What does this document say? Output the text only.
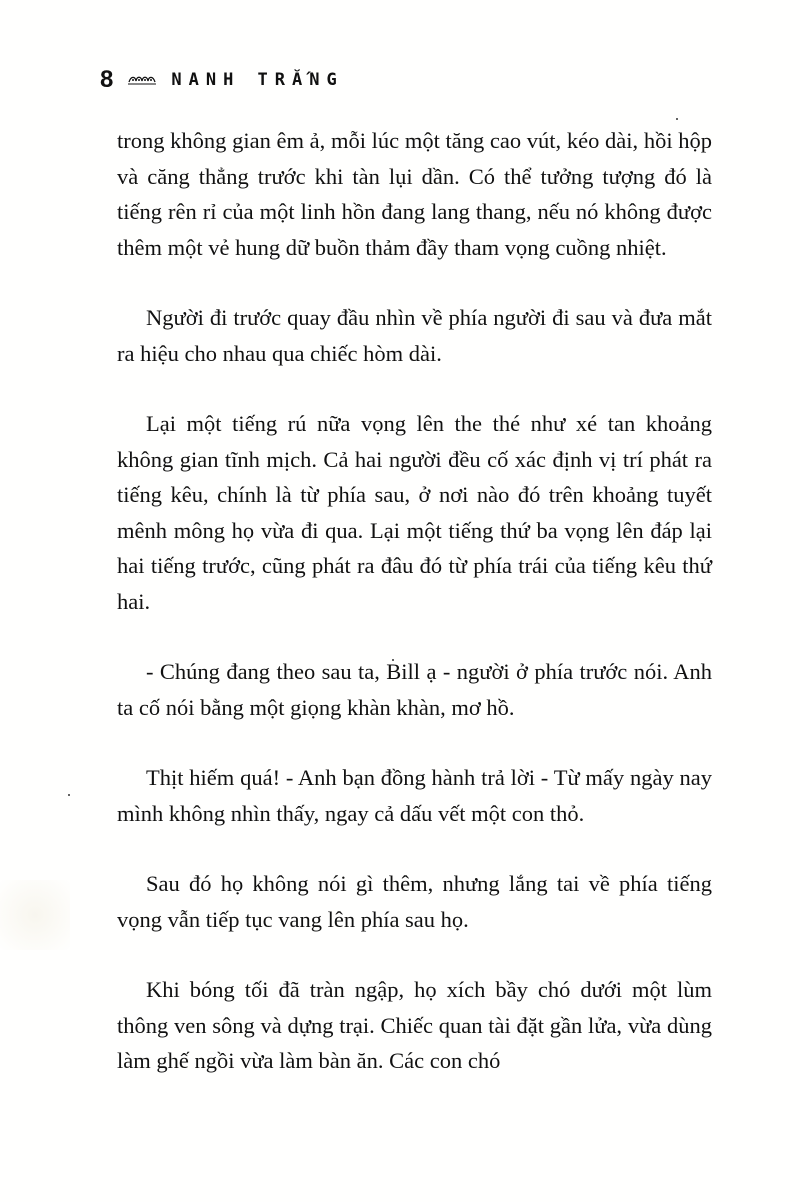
8	NANH TRẮNG

trong không gian êm ả, mỗi lúc một tăng cao vút, kéo dài, hồi hộp và căng thẳng trước khi tàn lụi dần. Có thể tưởng tượng đó là tiếng rên rỉ của một linh hồn đang lang thang, nếu nó không được thêm một vẻ hung dữ buồn thảm đầy tham vọng cuồng nhiệt.

Người đi trước quay đầu nhìn về phía người đi sau và đưa mắt ra hiệu cho nhau qua chiếc hòm dài.

Lại một tiếng rú nữa vọng lên the thé như xé tan khoảng không gian tĩnh mịch. Cả hai người đều cố xác định vị trí phát ra tiếng kêu, chính là từ phía sau, ở nơi nào đó trên khoảng tuyết mênh mông họ vừa đi qua. Lại một tiếng thứ ba vọng lên đáp lại hai tiếng trước, cũng phát ra đâu đó từ phía trái của tiếng kêu thứ hai.

- Chúng đang theo sau ta, Bill ạ - người ở phía trước nói. Anh ta cố nói bằng một giọng khàn khàn, mơ hồ.

Thịt hiếm quá! - Anh bạn đồng hành trả lời - Từ mấy ngày nay mình không nhìn thấy, ngay cả dấu vết một con thỏ.

Sau đó họ không nói gì thêm, nhưng lắng tai về phía tiếng vọng vẫn tiếp tục vang lên phía sau họ.

Khi bóng tối đã tràn ngập, họ xích bầy chó dưới một lùm thông ven sông và dựng trại. Chiếc quan tài đặt gần lửa, vừa dùng làm ghế ngồi vừa làm bàn ăn. Các con chó
